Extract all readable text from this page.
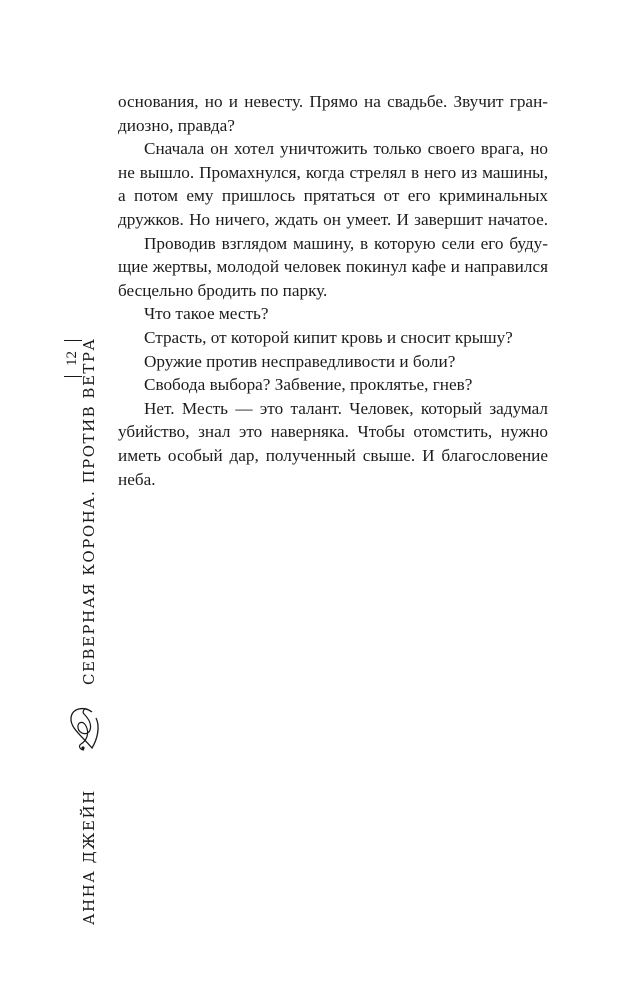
основания, но и невесту. Прямо на свадьбе. Звучит гран-
диозно, правда?
Сначала он хотел уничтожить только своего врага, но
не вышло. Промахнулся, когда стрелял в него из машины,
а потом ему пришлось прятаться от его криминальных
дружков. Но ничего, ждать он умеет. И завершит начатое.
Проводив взглядом машину, в которую сели его буду-
щие жертвы, молодой человек покинул кафе и направился
бесцельно бродить по парку.
Что такое месть?
Страсть, от которой кипит кровь и сносит крышу?
Оружие против несправедливости и боли?
Свобода выбора? Забвение, проклятье, гнев?
Нет. Месть — это талант. Человек, который задумал
убийство, знал это наверняка. Чтобы отомстить, нужно
иметь особый дар, полученный свыше. И благословение
неба.
12 СЕВЕРНАЯ КОРОНА. ПРОТИВ ВЕТРА
АННА ДЖЕЙН
